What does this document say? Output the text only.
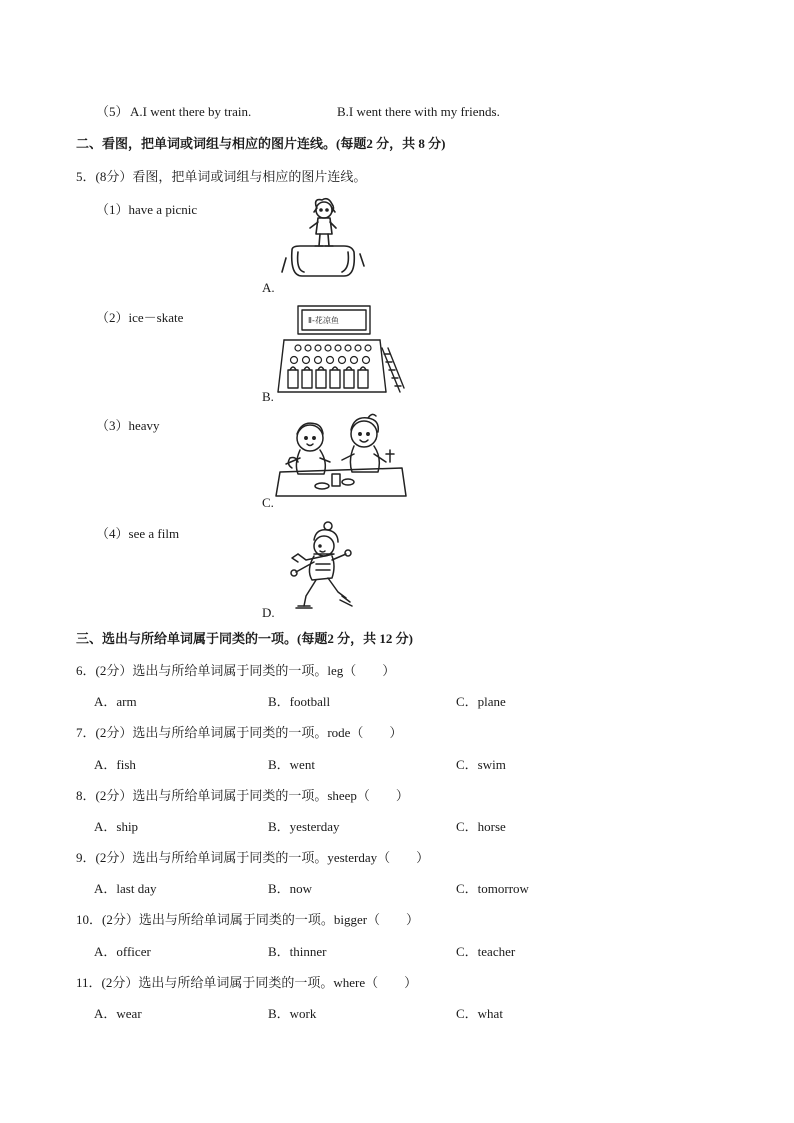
（5） A.I went there by train.	B.I went there with my friends.
二、看图，把单词或词组与相应的图片连线。(每题2 分，共 8 分)
5．(8分）看图，把单词或词组与相应的图片连线。
（1）have a picnic
（2）ice－skate
（3）heavy
（4）see a film
A.
Ⅱ-花凉鱼
B.
C.
D.
三、选出与所给单词属于同类的一项。(每题2 分，共 12 分)
6．(2分）选出与所给单词属于同类的一项。leg（　　）
A．arm	B．football	C．plane
7．(2分）选出与所给单词属于同类的一项。rode（　　）
A．fish	B．went	C．swim
8．(2分）选出与所给单词属于同类的一项。sheep（　　）
A．ship	B．yesterday	C．horse
9．(2分）选出与所给单词属于同类的一项。yesterday（　　）
A．last day	B．now	C．tomorrow
10．(2分）选出与所给单词属于同类的一项。bigger（　　）
A．officer	B．thinner	C．teacher
11．(2分）选出与所给单词属于同类的一项。where（　　）
A．wear	B．work	C．what
